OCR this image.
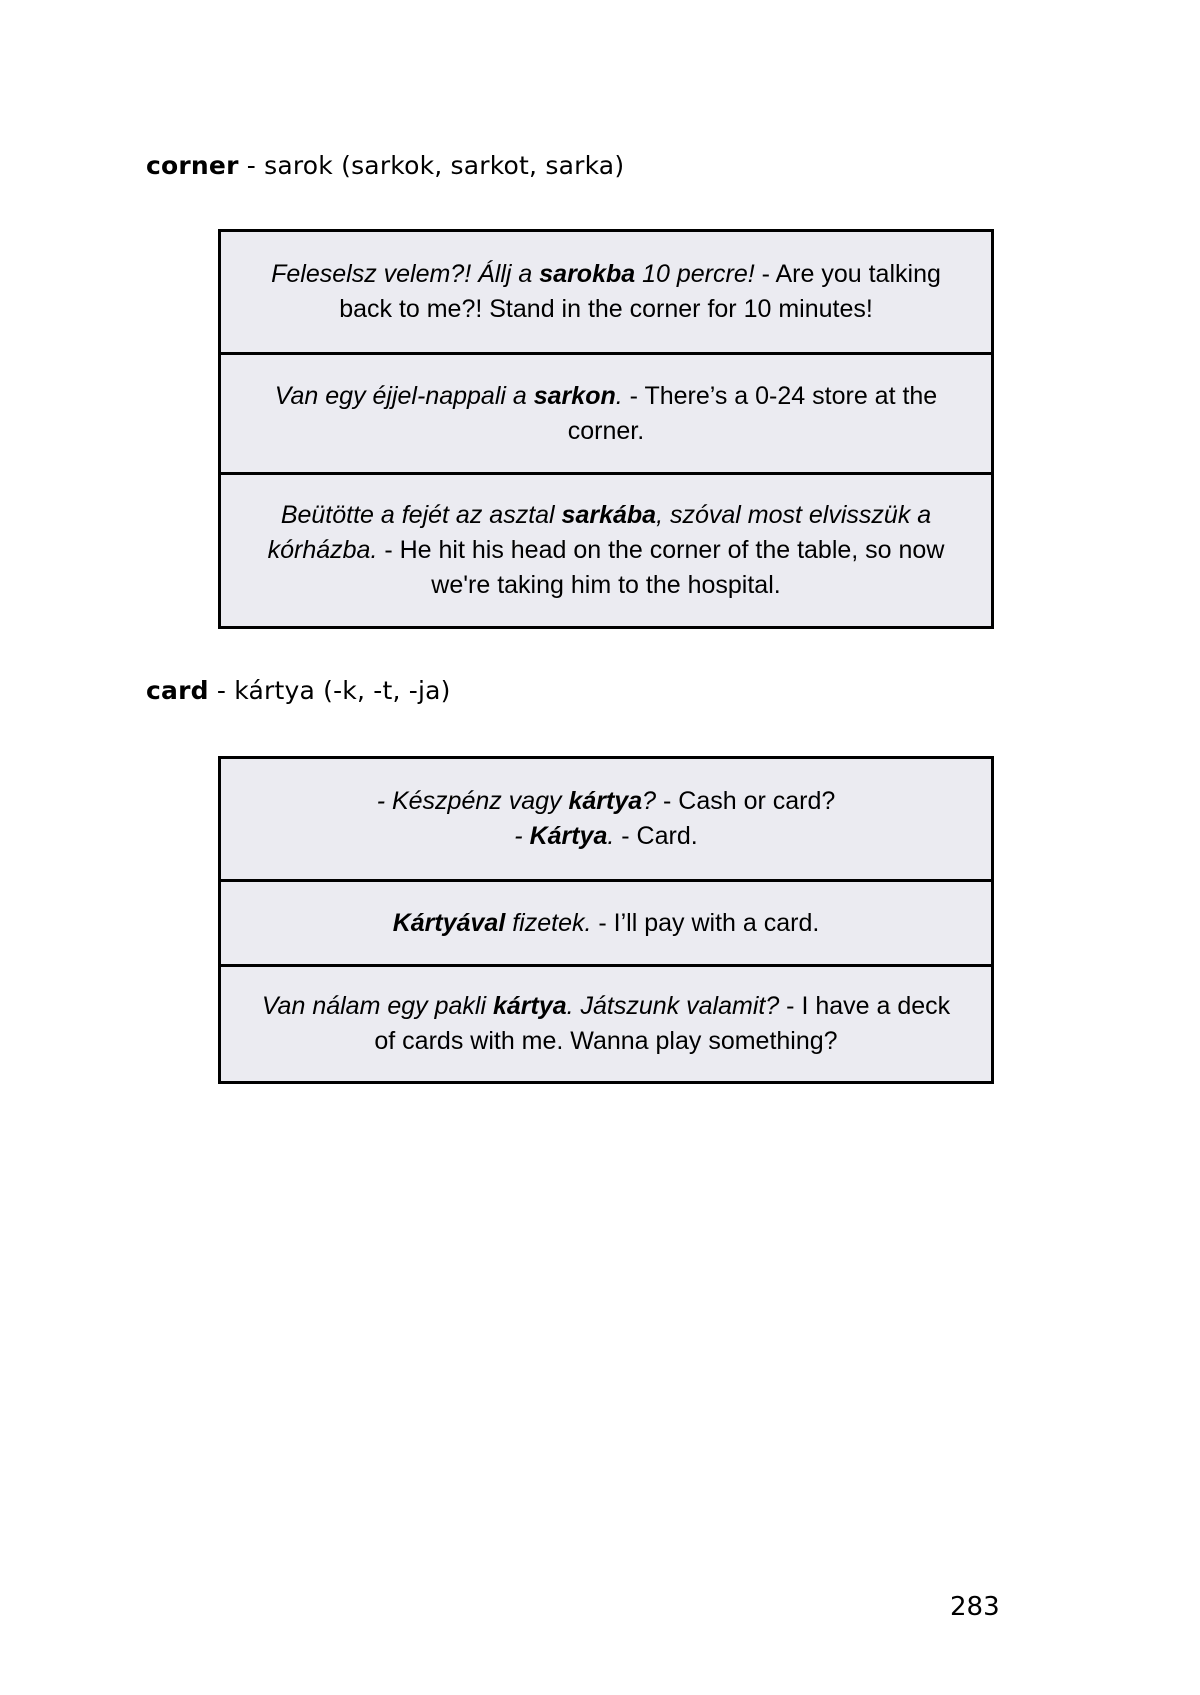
corner - sarok (sarkok, sarkot, sarka)
Feleselsz velem?! Állj a sarokba 10 percre! - Are you talking
back to me?! Stand in the corner for 10 minutes!
Van egy éjjel-nappali a sarkon. - There’s a 0-24 store at the
corner.
Beütötte a fejét az asztal sarkába, szóval most elvisszük a
kórházba. - He hit his head on the corner of the table, so now
we're taking him to the hospital.
card - kártya (-k, -t, -ja)
- Készpénz vagy kártya? - Cash or card?
- Kártya. - Card.
Kártyával fizetek. - I’ll pay with a card.
Van nálam egy pakli kártya. Játszunk valamit? - I have a deck
of cards with me. Wanna play something?
283
